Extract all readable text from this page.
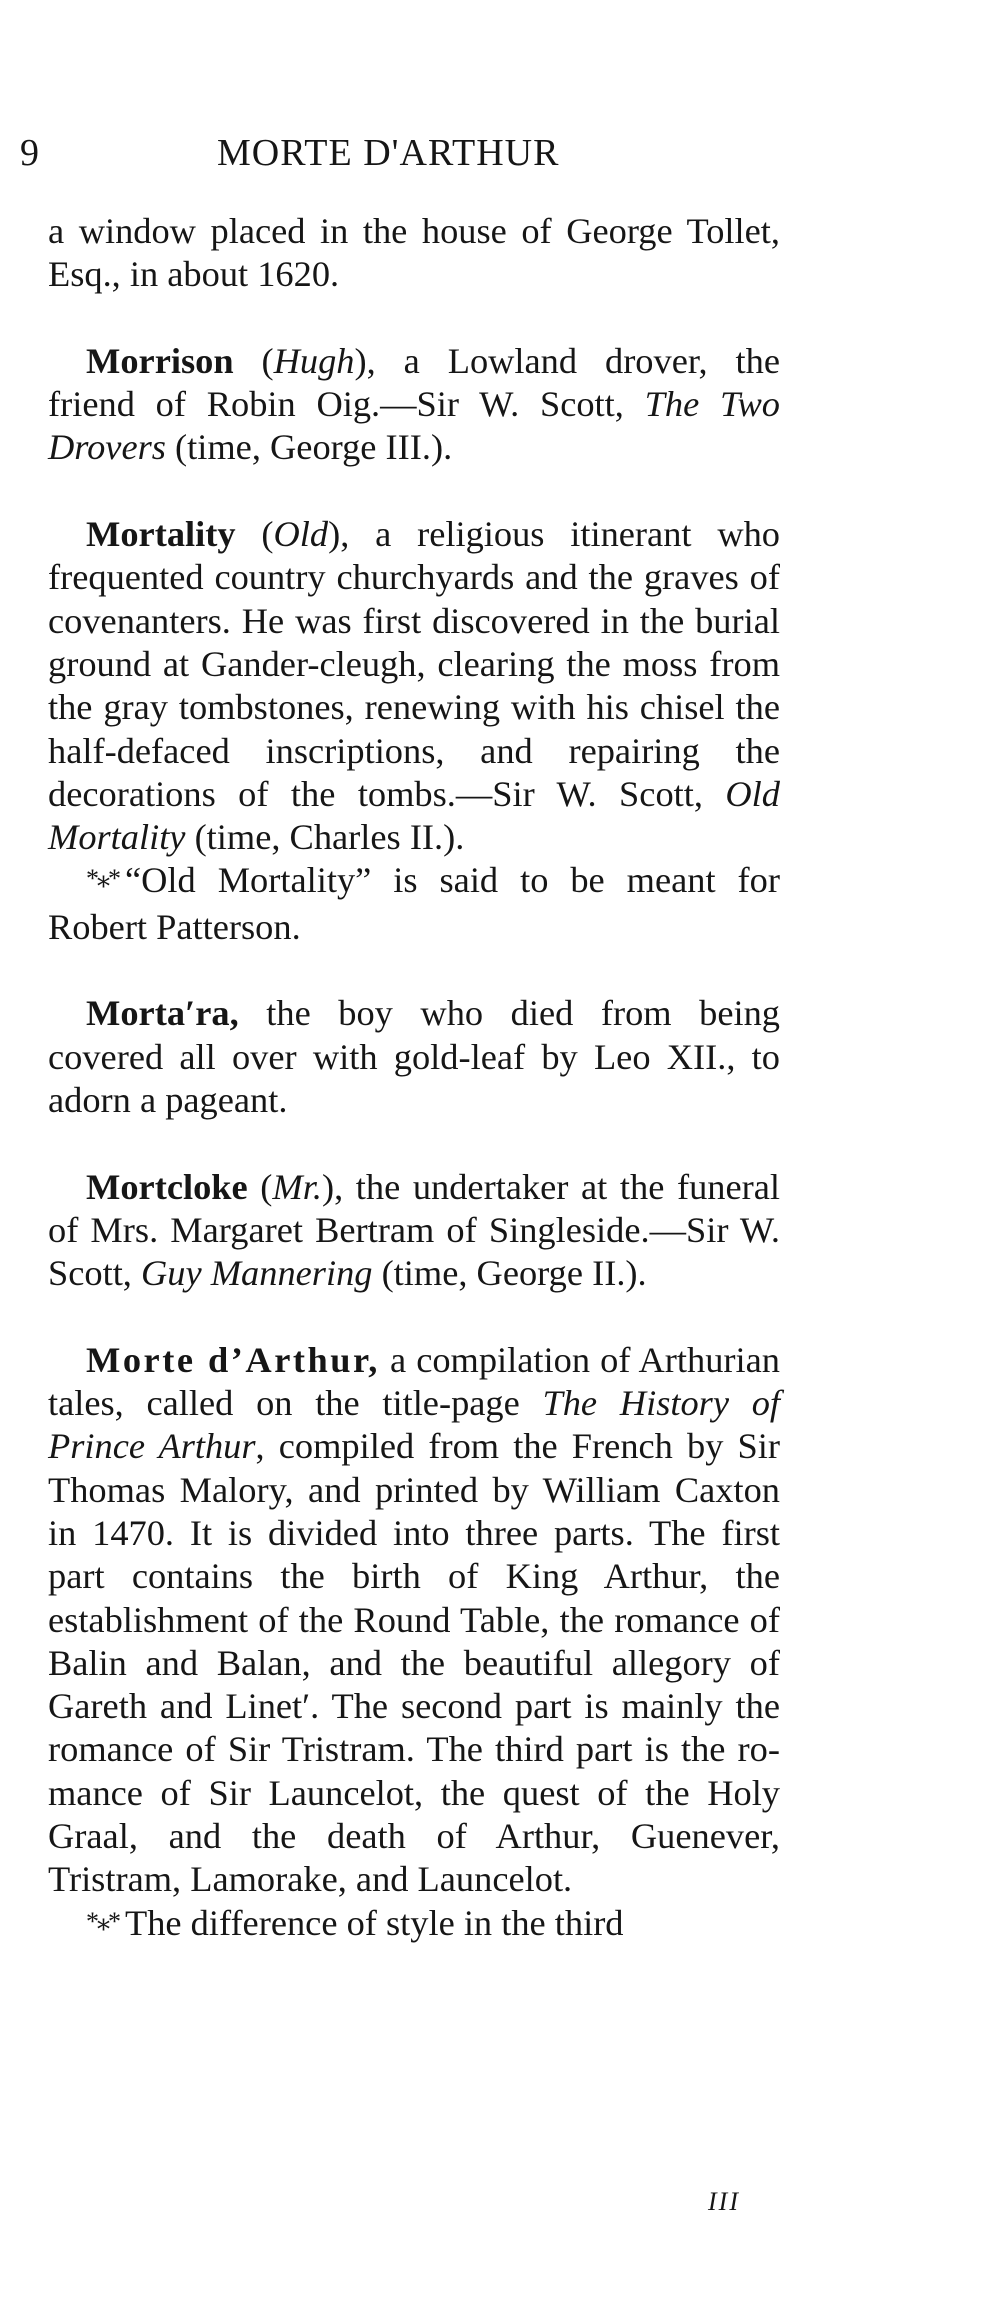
9	MORTE D'ARTHUR

a window placed in the house of George Tollet, Esq., in about 1620.

Morrison (Hugh), a Lowland drover, the friend of Robin Oig.—Sir W. Scott, The Two Drovers (time, George III.).

Mortality (Old), a religious itinerant who frequented country churchyards and the graves of covenanters. He was first discovered in the burial ground at Gander-cleugh, clearing the moss from the gray tombstones, renewing with his chisel the half-defaced inscriptions, and repairing the decorations of the tombs.—Sir W. Scott, Old Mortality (time, Charles II.).

*⁎* “Old Mortality” is said to be meant for Robert Patterson.

Morta′ra, the boy who died from being covered all over with gold-leaf by Leo XII., to adorn a pageant.

Mortcloke (Mr.), the undertaker at the funeral of Mrs. Margaret Bertram of Singleside.—Sir W. Scott, Guy Mannering (time, George II.).

Morte d’Arthur, a compilation of Arthurian tales, called on the title-page The History of Prince Arthur, compiled from the French by Sir Thomas Malory, and printed by William Caxton in 1470. It is divided into three parts. The first part contains the birth of King Arthur, the establishment of the Round Table, the romance of Balin and Balan, and the beautiful allegory of Gareth and Linet′. The second part is mainly the romance of Sir Tristram. The third part is the ro-mance of Sir Launcelot, the quest of the Holy Graal, and the death of Arthur, Guenever, Tristram, Lamorake, and Launcelot.

*⁎* The difference of style in the third

III
